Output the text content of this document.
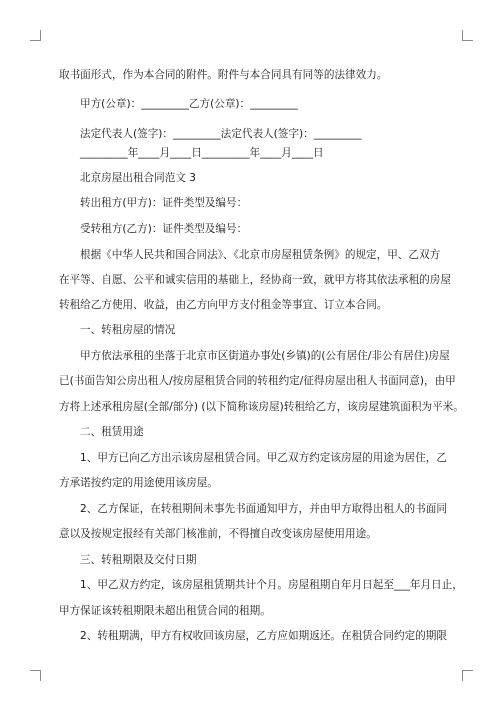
取书面形式，作为本合同的附件。附件与本合同具有同等的法律效力。
甲方(公章)：_________乙方(公章)：_________
法定代表人(签字)：_________法定代表人(签字)：_________
_________年____月____日_________年____月____日
北京房屋出租合同范文 3
转出租方(甲方)：证件类型及编号：
受转租方(乙方)：证件类型及编号：
根据《中华人民共和国合同法》、《北京市房屋租赁条例》的规定，甲、乙双方
在平等、自愿、公平和诚实信用的基础上，经协商一致，就甲方将其依法承租的房屋
转租给乙方使用、收益，由乙方向甲方支付租金等事宜、订立本合同。
一、转租房屋的情况
甲方依法承租的坐落于北京市区街道办事处(乡镇)的(公有居住/非公有居住)房屋
已(书面告知公房出租人/按房屋租赁合同的转租约定/征得房屋出租人书面同意)，由甲
方将上述承租房屋(全部/部分) (以下简称该房屋)转租给乙方，该房屋建筑面积为平米。
二、租赁用途
1、甲方已向乙方出示该房屋租赁合同。甲乙双方约定该房屋的用途为居住，乙
方承诺按约定的用途使用该房屋。
2、乙方保证，在转租期间未事先书面通知甲方，并由甲方取得出租人的书面同
意以及按规定报经有关部门核准前，不得擅自改变该房屋使用用途。
三、转租期限及交付日期
1、甲乙双方约定，该房屋租赁期共计个月。房屋租期自年月日起至___年月日止，
甲方保证该转租期限未超出租赁合同的租期。
2、转租期满，甲方有权收回该房屋，乙方应如期返还。在租赁合同约定的期限
